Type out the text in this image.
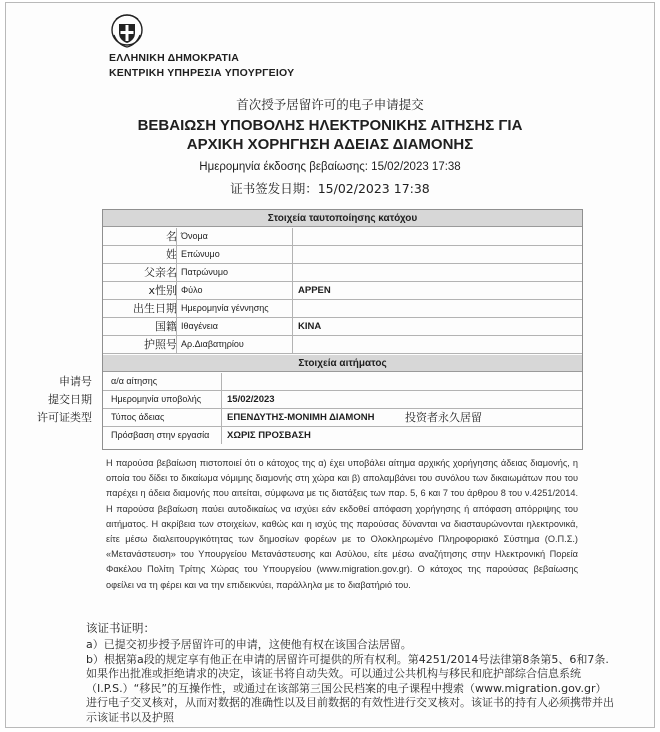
ΕΛΛΗΝΙΚΗ ΔΗΜΟΚΡΑΤΙΑ
ΚΕΝΤΡΙΚΗ ΥΠΗΡΕΣΙΑ ΥΠΟΥΡΓΕΙΟΥ
首次授予居留许可的电子申请提交
ΒΕΒΑΙΩΣΗ ΥΠΟΒΟΛΗΣ ΗΛΕΚΤΡΟΝΙΚΗΣ ΑΙΤΗΣΗΣ ΓΙΑ ΑΡΧΙΚΗ ΧΟΡΗΓΗΣΗ ΑΔΕΙΑΣ ΔΙΑΜΟΝΗΣ
Ημερομηνία έκδοσης βεβαίωσης: 15/02/2023 17:38
证书签发日期：15/02/2023 17:38
Στοιχεία ταυτοποίησης κατόχου
名 Όνομα
姓 Επώνυμο
父亲名 Πατρώνυμο
x性别 Φύλο	ΑΡΡΕΝ
出生日期 Ημερομηνία γέννησης
国籍 Ιθαγένεια	ΚΙΝΑ
护照号 Αρ.Διαβατηρίου
Στοιχεία αιτήματος
申请号	α/α αίτησης
提交日期	Ημερομηνία υποβολής	15/02/2023
许可证类型	Τύπος άδειας	ΕΠΕΝΔΥΤΗΣ-ΜΟΝΙΜΗ ΔΙΑΜΟΝΗ	投资者永久居留
Πρόσβαση στην εργασία	ΧΩΡΙΣ ΠΡΟΣΒΑΣΗ

Η παρούσα βεβαίωση πιστοποιεί ότι ο κάτοχος της α) έχει υποβάλει αίτημα αρχικής χορήγησης άδειας διαμονής, η οποία του δίδει το δικαίωμα νόμιμης διαμονής στη χώρα και β) απολαμβάνει του συνόλου των δικαιωμάτων που του παρέχει η άδεια διαμονής που αιτείται, σύμφωνα με τις διατάξεις των παρ. 5, 6 και 7 του άρθρου 8 του ν.4251/2014. Η παρούσα βεβαίωση παύει αυτοδικαίως να ισχύει εάν εκδοθεί απόφαση χορήγησης ή απόφαση απόρριψης του αιτήματος. Η ακρίβεια των στοιχείων, καθώς και η ισχύς της παρούσας δύνανται να διασταυρώνονται ηλεκτρονικά, είτε μέσω διαλειτουργικότητας των δημοσίων φορέων με το Ολοκληρωμένο Πληροφοριακό Σύστημα (Ο.Π.Σ.) «Μετανάστευση» του Υπουργείου Μετανάστευσης και Ασύλου, είτε μέσω αναζήτησης στην Ηλεκτρονική Πορεία Φακέλου Πολίτη Τρίτης Χώρας του Υπουργείου (www.migration.gov.gr). Ο κάτοχος της παρούσας βεβαίωσης οφείλει να τη φέρει και να την επιδεικνύει, παράλληλα με το διαβατήριό του.

该证书证明：

a）已提交初步授予居留许可的申请，这使他有权在该国合法居留。

b）根据第a段的规定享有他正在申请的居留许可提供的所有权利。第4251/2014号法律第8条第5、6和7条. 如果作出批准或拒绝请求的决定，该证书将自动失效。可以通过公共机构与移民和庇护部综合信息系统（I.P.S.）“移民”的互操作性，或通过在该部第三国公民档案的电子课程中搜索（www.migration.gov.gr）进行电子交叉核对，从而对数据的准确性以及目前数据的有效性进行交叉核对。该证书的持有人必须携带并出示该证书以及护照
